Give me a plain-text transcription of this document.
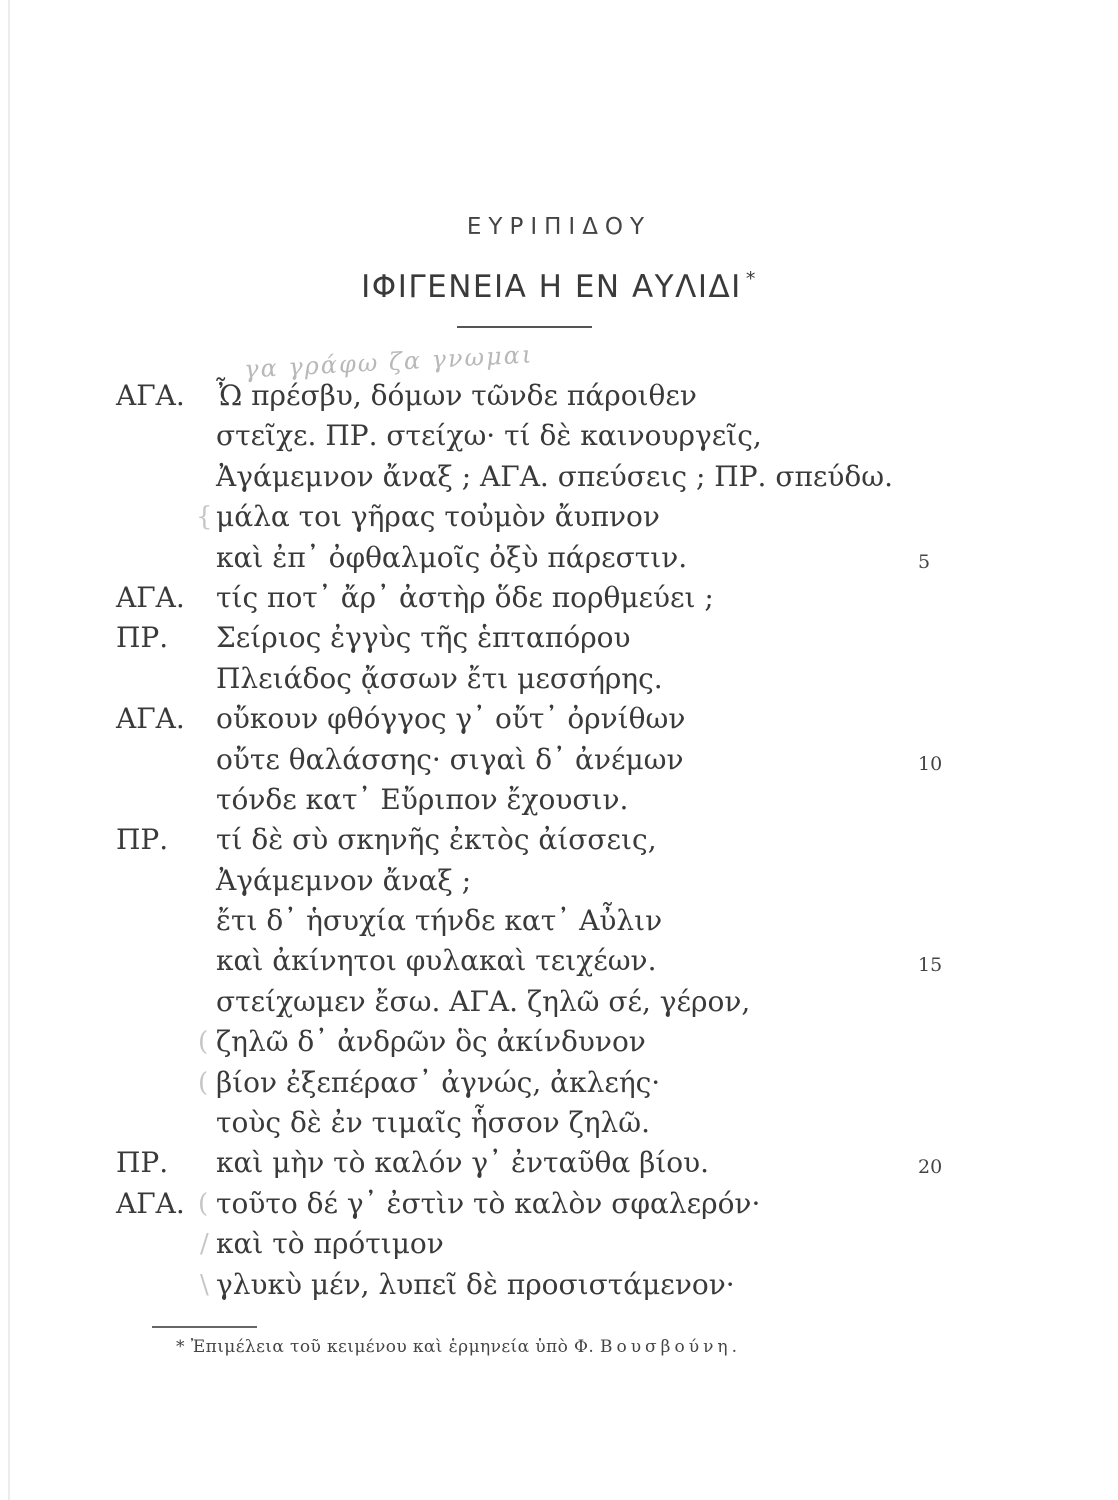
ΕΥΡΙΠΙΔΟΥ
ΙΦΙΓΕΝΕΙΑ Η ΕΝ ΑΥΛΙΔΙ *
γα γράφω ζα γνωμαι
ΑΓΑ. Ὦ πρέσβυ, δόμων τῶνδε πάροιθεν
στεῖχε. ΠΡ. στείχω· τί δὲ καινουργεῖς,
Ἀγάμεμνον ἄναξ ; ΑΓΑ. σπεύσεις ; ΠΡ. σπεύδω.
μάλα τοι γῆρας τοὐμὸν ἄυπνον
καὶ ἐπ᾽ ὀφθαλμοῖς ὀξὺ πάρεστιν.	5
ΑΓΑ. τίς ποτ᾽ ἄρ᾽ ἀστὴρ ὅδε πορθμεύει ;
ΠΡ. Σείριος ἐγγὺς τῆς ἑπταπόρου
Πλειάδος ᾄσσων ἔτι μεσσήρης.
ΑΓΑ. οὔκουν φθόγγος γ᾽ οὔτ᾽ ὀρνίθων
οὔτε θαλάσσης· σιγαὶ δ᾽ ἀνέμων	10
τόνδε κατ᾽ Εὔριπον ἔχουσιν.
ΠΡ. τί δὲ σὺ σκηνῆς ἐκτὸς ἀίσσεις,
Ἀγάμεμνον ἄναξ ;
ἔτι δ᾽ ἡσυχία τήνδε κατ᾽ Αὖλιν
καὶ ἀκίνητοι φυλακαὶ τειχέων.	15
στείχωμεν ἔσω. ΑΓΑ. ζηλῶ σέ, γέρον,
ζηλῶ δ᾽ ἀνδρῶν ὃς ἀκίνδυνον
βίον ἐξεπέρασ᾽ ἀγνώς, ἀκλεής·
τοὺς δὲ ἐν τιμαῖς ἧσσον ζηλῶ.
ΠΡ. καὶ μὴν τὸ καλόν γ᾽ ἐνταῦθα βίου.	20
ΑΓΑ. τοῦτο δέ γ᾽ ἐστὶν τὸ καλὸν σφαλερόν·
καὶ τὸ πρότιμον
γλυκὺ μέν, λυπεῖ δὲ προσιστάμενον·
{
(
(
(
/
\
* Ἐπιμέλεια τοῦ κειμένου καὶ ἑρμηνεία ὑπὸ Φ. Βουσβούνη.
